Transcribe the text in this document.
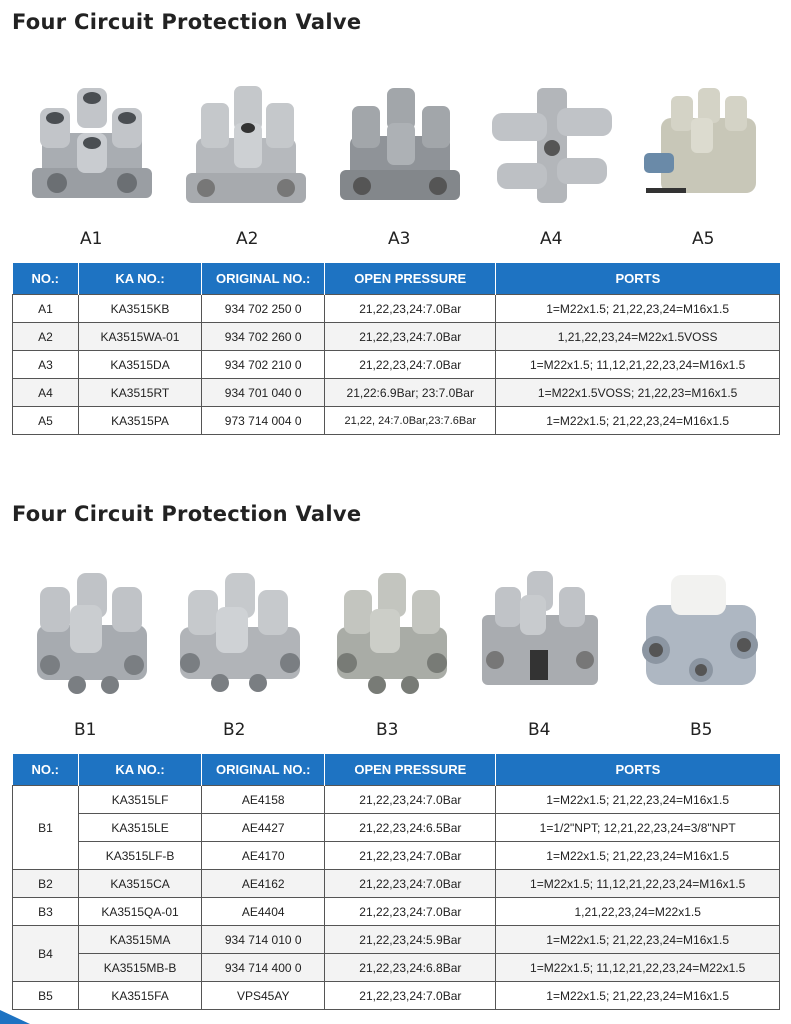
Four Circuit Protection Valve
A1	A2	A3	A4	A5
NO.:	KA NO.:	ORIGINAL NO.:	OPEN PRESSURE	PORTS
A1	KA3515KB	934 702 250 0	21,22,23,24:7.0Bar	1=M22x1.5; 21,22,23,24=M16x1.5
A2	KA3515WA-01	934 702 260 0	21,22,23,24:7.0Bar	1,21,22,23,24=M22x1.5VOSS
A3	KA3515DA	934 702 210 0	21,22,23,24:7.0Bar	1=M22x1.5; 11,12,21,22,23,24=M16x1.5
A4	KA3515RT	934 701 040 0	21,22:6.9Bar; 23:7.0Bar	1=M22x1.5VOSS; 21,22,23=M16x1.5
A5	KA3515PA	973 714 004 0	21,22, 24:7.0Bar,23:7.6Bar	1=M22x1.5; 21,22,23,24=M16x1.5
Four Circuit Protection Valve
B1	B2	B3	B4	B5
NO.:	KA NO.:	ORIGINAL NO.:	OPEN PRESSURE	PORTS
B1	KA3515LF	AE4158	21,22,23,24:7.0Bar	1=M22x1.5; 21,22,23,24=M16x1.5
	KA3515LE	AE4427	21,22,23,24:6.5Bar	1=1/2"NPT; 12,21,22,23,24=3/8"NPT
	KA3515LF-B	AE4170	21,22,23,24:7.0Bar	1=M22x1.5; 21,22,23,24=M16x1.5
B2	KA3515CA	AE4162	21,22,23,24:7.0Bar	1=M22x1.5; 11,12,21,22,23,24=M16x1.5
B3	KA3515QA-01	AE4404	21,22,23,24:7.0Bar	1,21,22,23,24=M22x1.5
B4	KA3515MA	934 714 010 0	21,22,23,24:5.9Bar	1=M22x1.5; 21,22,23,24=M16x1.5
	KA3515MB-B	934 714 400 0	21,22,23,24:6.8Bar	1=M22x1.5; 11,12,21,22,23,24=M22x1.5
B5	KA3515FA	VPS45AY	21,22,23,24:7.0Bar	1=M22x1.5; 21,22,23,24=M16x1.5
